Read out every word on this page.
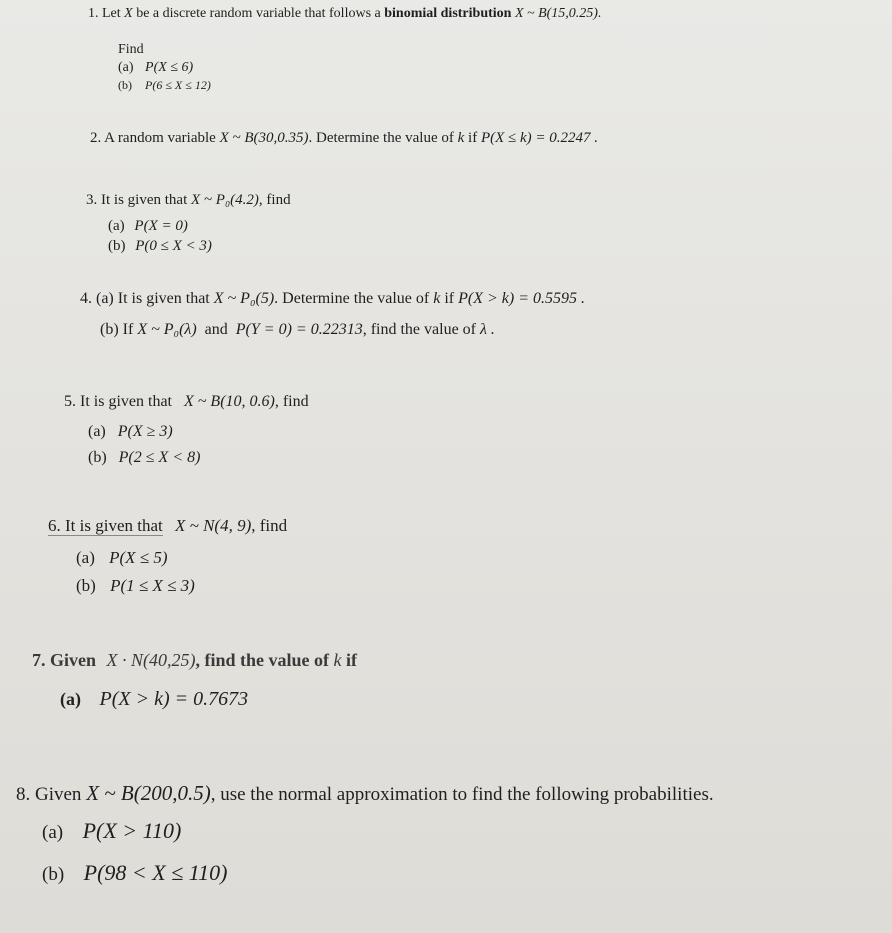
1. Let X be a discrete random variable that follows a binomial distribution X ~ B(15,0.25).
Find
(a) P(X ≤ 6)
(b) P(6 ≤ X ≤ 12)
2. A random variable X ~ B(30,0.35). Determine the value of k if P(X ≤ k) = 0.2247 .
3. It is given that X ~ P₀(4.2), find
(a) P(X = 0)
(b) P(0 ≤ X < 3)
4. (a) It is given that X ~ P₀(5). Determine the value of k if P(X > k) = 0.5595 .
(b) If X ~ P₀(λ) and P(Y = 0) = 0.22313, find the value of λ .
5. It is given that X ~ B(10, 0.6), find
(a) P(X ≥ 3)
(b) P(2 ≤ X < 8)
6. It is given that X ~ N(4, 9), find
(a) P(X ≤ 5)
(b) P(1 ≤ X ≤ 3)
7. Given X · N(40,25), find the value of k if
(a) P(X > k) = 0.7673
8. Given X ~ B(200,0.5), use the normal approximation to find the following probabilities.
(a) P(X > 110)
(b) P(98 < X ≤ 110)
